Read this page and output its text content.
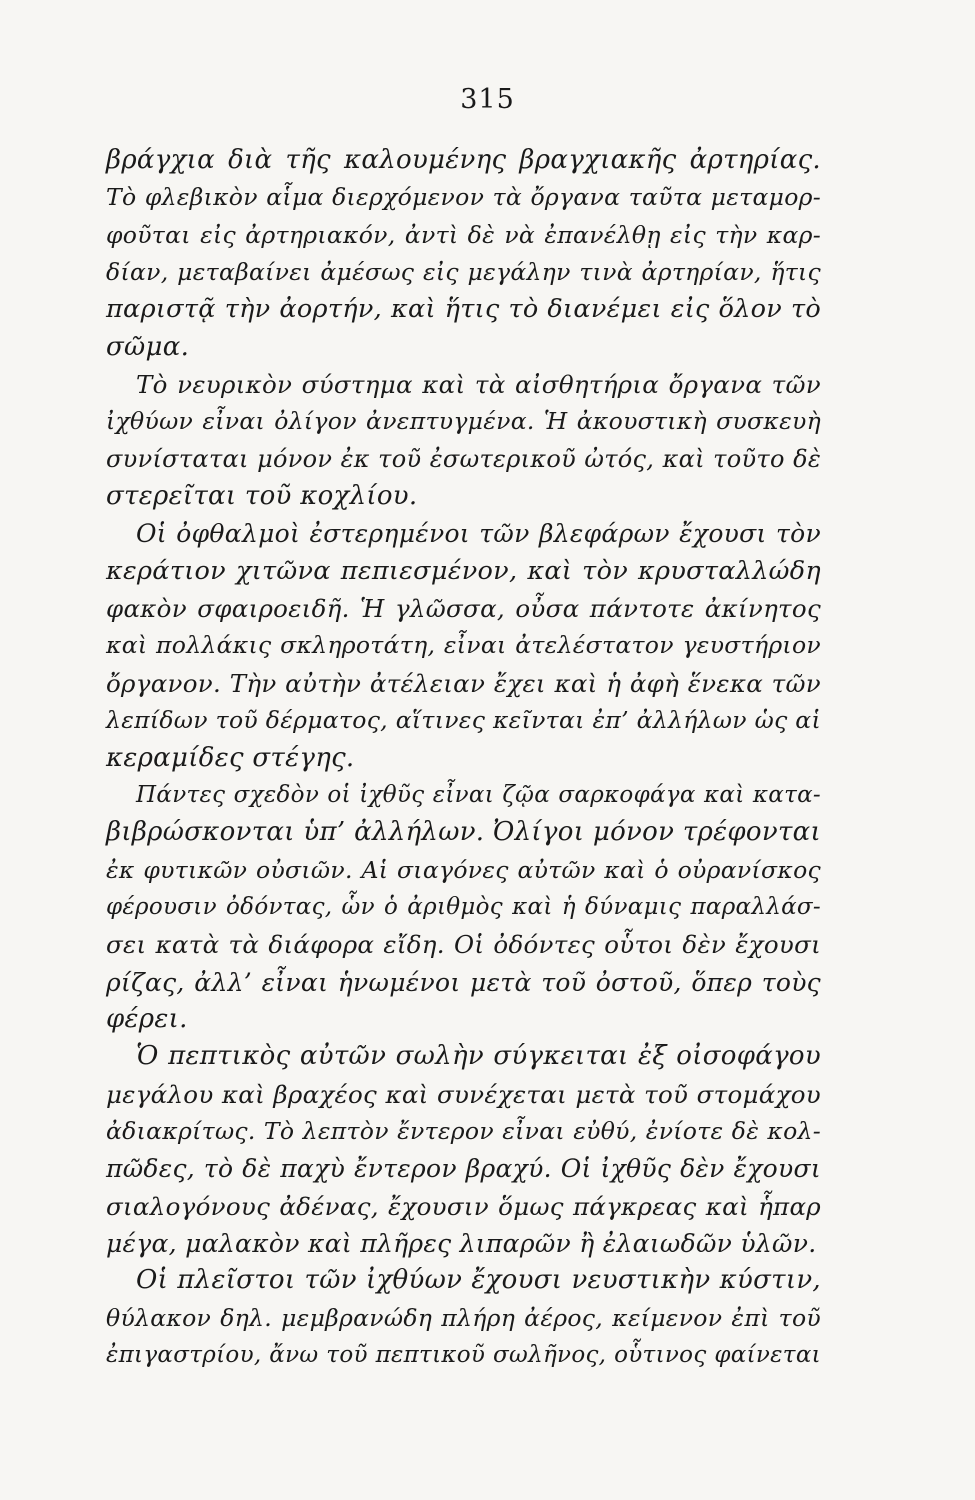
315
βράγχια διὰ τῆς καλουμένης βραγχιακῆς ἀρτηρίας.
Τὸ φλεβικὸν αἷμα διερχόμενον τὰ ὄργανα ταῦτα μεταμορ-
φοῦται εἰς ἀρτηριακόν, ἀντὶ δὲ νὰ ἐπανέλθῃ εἰς τὴν καρ-
δίαν, μεταβαίνει ἀμέσως εἰς μεγάλην τινὰ ἀρτηρίαν, ἥτις
παριστᾷ τὴν ἀορτήν, καὶ ἥτις τὸ διανέμει εἰς ὅλον τὸ
σῶμα.
Τὸ νευρικὸν σύστημα καὶ τὰ αἰσθητήρια ὄργανα τῶν
ἰχθύων εἶναι ὀλίγον ἀνεπτυγμένα. Ἡ ἀκουστικὴ συσκευὴ
συνίσταται μόνον ἐκ τοῦ ἐσωτερικοῦ ὠτός, καὶ τοῦτο δὲ
στερεῖται τοῦ κοχλίου.
Οἱ ὀφθαλμοὶ ἐστερημένοι τῶν βλεφάρων ἔχουσι τὸν
κεράτιον χιτῶνα πεπιεσμένον, καὶ τὸν κρυσταλλώδη
φακὸν σφαιροειδῆ. Ἡ γλῶσσα, οὖσα πάντοτε ἀκίνητος
καὶ πολλάκις σκληροτάτη, εἶναι ἀτελέστατον γευστήριον
ὄργανον. Τὴν αὐτὴν ἀτέλειαν ἔχει καὶ ἡ ἀφὴ ἕνεκα τῶν
λεπίδων τοῦ δέρματος, αἵτινες κεῖνται ἐπ’ ἀλλήλων ὡς αἱ
κεραμίδες στέγης.
Πάντες σχεδὸν οἱ ἰχθῦς εἶναι ζῷα σαρκοφάγα καὶ κατα-
βιβρώσκονται ὑπ’ ἀλλήλων. Ὀλίγοι μόνον τρέφονται
ἐκ φυτικῶν οὐσιῶν. Αἱ σιαγόνες αὐτῶν καὶ ὁ οὐρανίσκος
φέρουσιν ὀδόντας, ὧν ὁ ἀριθμὸς καὶ ἡ δύναμις παραλλάσ-
σει κατὰ τὰ διάφορα εἴδη. Οἱ ὀδόντες οὗτοι δὲν ἔχουσι
ρίζας, ἀλλ’ εἶναι ἡνωμένοι μετὰ τοῦ ὀστοῦ, ὅπερ τοὺς
φέρει.
Ὁ πεπτικὸς αὐτῶν σωλὴν σύγκειται ἐξ οἰσοφάγου
μεγάλου καὶ βραχέος καὶ συνέχεται μετὰ τοῦ στομάχου
ἀδιακρίτως. Τὸ λεπτὸν ἔντερον εἶναι εὐθύ, ἐνίοτε δὲ κολ-
πῶδες, τὸ δὲ παχὺ ἔντερον βραχύ. Οἱ ἰχθῦς δὲν ἔχουσι
σιαλογόνους ἀδένας, ἔχουσιν ὅμως πάγκρεας καὶ ἧπαρ
μέγα, μαλακὸν καὶ πλῆρες λιπαρῶν ἢ ἐλαιωδῶν ὑλῶν.
Οἱ πλεῖστοι τῶν ἰχθύων ἔχουσι νευστικὴν κύστιν,
θύλακον δηλ. μεμβρανώδη πλήρη ἀέρος, κείμενον ἐπὶ τοῦ
ἐπιγαστρίου, ἄνω τοῦ πεπτικοῦ σωλῆνος, οὗτινος φαίνεται
